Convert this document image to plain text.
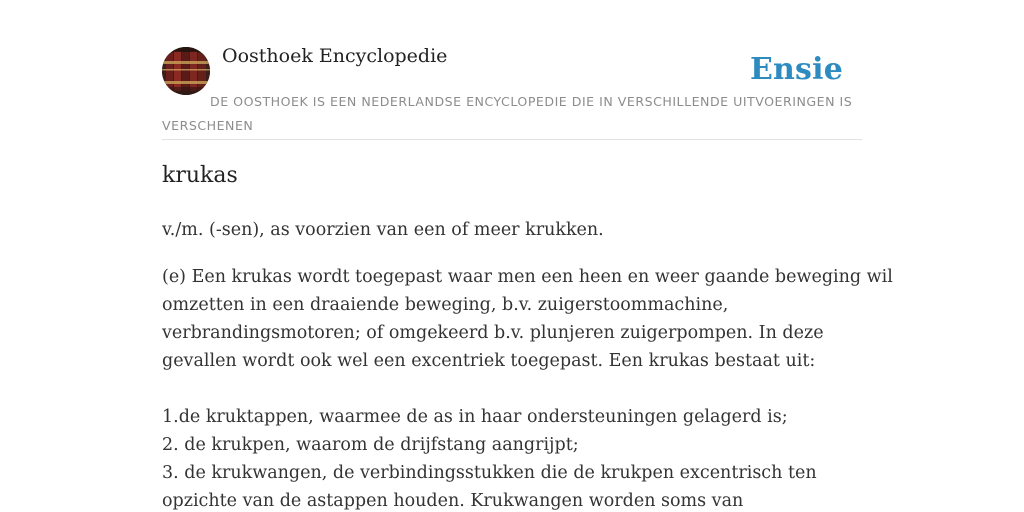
Oosthoek Encyclopedie	Ensie
DE OOSTHOEK IS EEN NEDERLANDSE ENCYCLOPEDIE DIE IN VERSCHILLENDE UITVOERINGEN IS VERSCHENEN
krukas

v./m. (-sen), as voorzien van een of meer krukken.

(e) Een krukas wordt toegepast waar men een heen en weer gaande beweging wil
omzetten in een draaiende beweging, b.v. zuigerstoommachine,
verbrandingsmotoren; of omgekeerd b.v. plunjeren zuigerpompen. In deze
gevallen wordt ook wel een excentriek toegepast. Een krukas bestaat uit:
1.de kruktappen, waarmee de as in haar ondersteuningen gelagerd is;
2. de krukpen, waarom de drijfstang aangrijpt;
3. de krukwangen, de verbindingsstukken die de krukpen excentrisch ten
opzichte van de astappen houden. Krukwangen worden soms van
